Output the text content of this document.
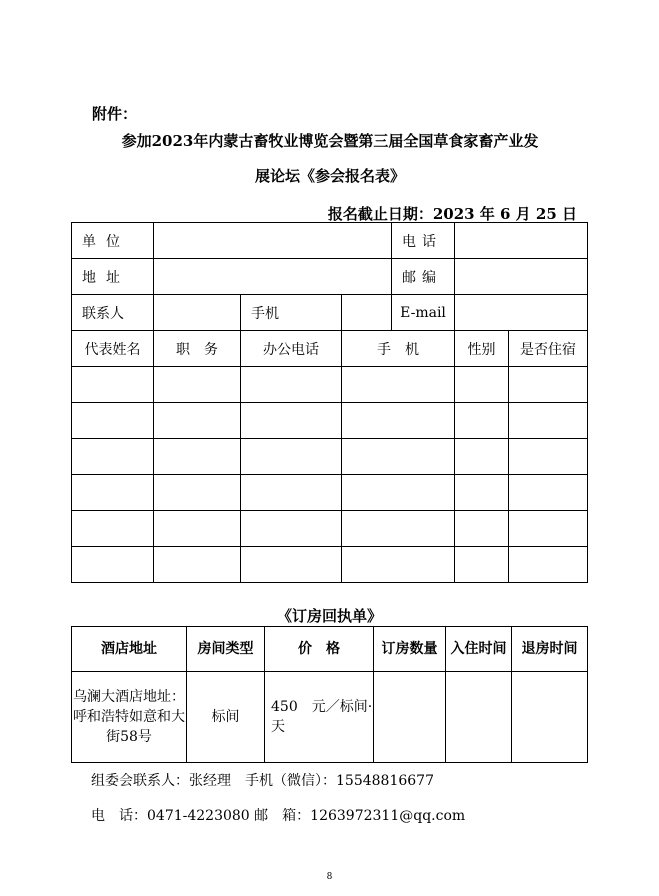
附件：
参加2023年内蒙古畜牧业博览会暨第三届全国草食家畜产业发
展论坛《参会报名表》
报名截止日期：2023 年 6 月 25 日
单位				电话		
地址				邮编		
联系人		手机		E-mail		
代表姓名	职　务	办公电话	手　机		性别	是否住宿

《订房回执单》
酒店地址	房间类型	价　格	订房数量	入住时间	退房时间
乌澜大酒店地址：呼和浩特如意和大街58号	标间	450　元／标间·天			
组委会联系人：张经理　手机（微信）：15548816677
电　话：0471-4223080 邮　箱：1263972311@qq.com
8
